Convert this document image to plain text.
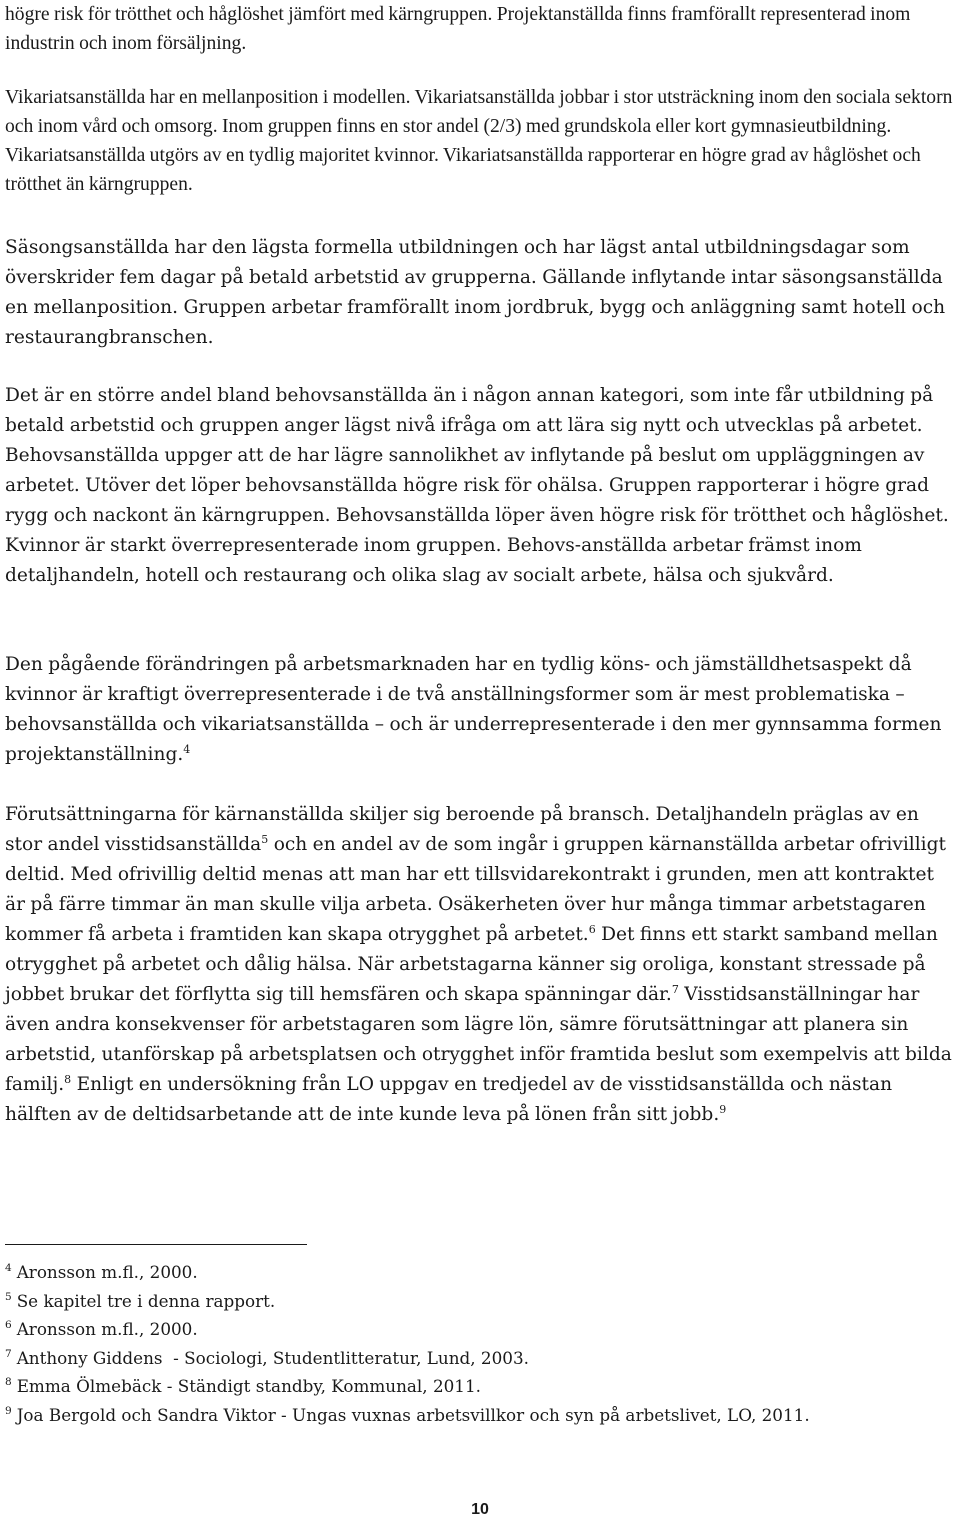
högre risk för trötthet och håglöshet jämfört med kärngruppen. Projektanställda finns framförallt representerad inom industrin och inom försäljning.

Vikariatsanställda har en mellanposition i modellen. Vikariatsanställda jobbar i stor utsträckning inom den sociala sektorn och inom vård och omsorg. Inom gruppen finns en stor andel (2/3) med grundskola eller kort gymnasieutbildning. Vikariatsanställda utgörs av en tydlig majoritet kvinnor. Vikariatsanställda rapporterar en högre grad av håglöshet och trötthet än kärngruppen.

Säsongsanställda har den lägsta formella utbildningen och har lägst antal utbildningsdagar som överskrider fem dagar på betald arbetstid av grupperna. Gällande inflytande intar säsongsanställda en mellanposition. Gruppen arbetar framförallt inom jordbruk, bygg och anläggning samt hotell och restaurangbranschen.

Det är en större andel bland behovsanställda än i någon annan kategori, som inte får utbildning på betald arbetstid och gruppen anger lägst nivå ifråga om att lära sig nytt och utvecklas på arbetet. Behovsanställda uppger att de har lägre sannolikhet av inflytande på beslut om uppläggningen av arbetet. Utöver det löper behovsanställda högre risk för ohälsa. Gruppen rapporterar i högre grad rygg och nackont än kärngruppen. Behovsanställda löper även högre risk för trötthet och håglöshet. Kvinnor är starkt överrepresenterade inom gruppen. Behovs-anställda arbetar främst inom detaljhandeln, hotell och restaurang och olika slag av socialt arbete, hälsa och sjukvård.

Den pågående förändringen på arbetsmarknaden har en tydlig köns- och jämställdhetsaspekt då kvinnor är kraftigt överrepresenterade i de två anställningsformer som är mest problematiska – behovsanställda och vikariatsanställda – och är underrepresenterade i den mer gynnsamma formen projektanställning.$^4$

Förutsättningarna för kärnanställda skiljer sig beroende på bransch. Detaljhandeln präglas av en stor andel visstidsanställda$^5$ och en andel av de som ingår i gruppen kärnanställda arbetar ofrivilligt deltid. Med ofrivillig deltid menas att man har ett tillsvidarekontrakt i grunden, men att kontraktet är på färre timmar än man skulle vilja arbeta. Osäkerheten över hur många timmar arbetstagaren kommer få arbeta i framtiden kan skapa otrygghet på arbetet.$^6$ Det finns ett starkt samband mellan otrygghet på arbetet och dålig hälsa. När arbetstagarna känner sig oroliga, konstant stressade på jobbet brukar det förflytta sig till hemsfären och skapa spänningar där.$^7$ Visstidsanställningar har även andra konsekvenser för arbetstagaren som lägre lön, sämre förutsättningar att planera sin arbetstid, utanförskap på arbetsplatsen och otrygghet inför framtida beslut som exempelvis att bilda familj.$^8$ Enligt en undersökning från LO uppgav en tredjedel av de visstidsanställda och nästan hälften av de deltidsarbetande att de inte kunde leva på lönen från sitt jobb.$^9$

$^4$ Aronsson m.fl., 2000.

$^5$ Se kapitel tre i denna rapport.

$^6$ Aronsson m.fl., 2000.

$^7$ Anthony Giddens  - Sociologi, Studentlitteratur, Lund, 2003.

$^8$ Emma Ölmebäck - Ständigt standby, Kommunal, 2011.

$^9$ Joa Bergold och Sandra Viktor - Ungas vuxnas arbetsvillkor och syn på arbetslivet, LO, 2011.

10
